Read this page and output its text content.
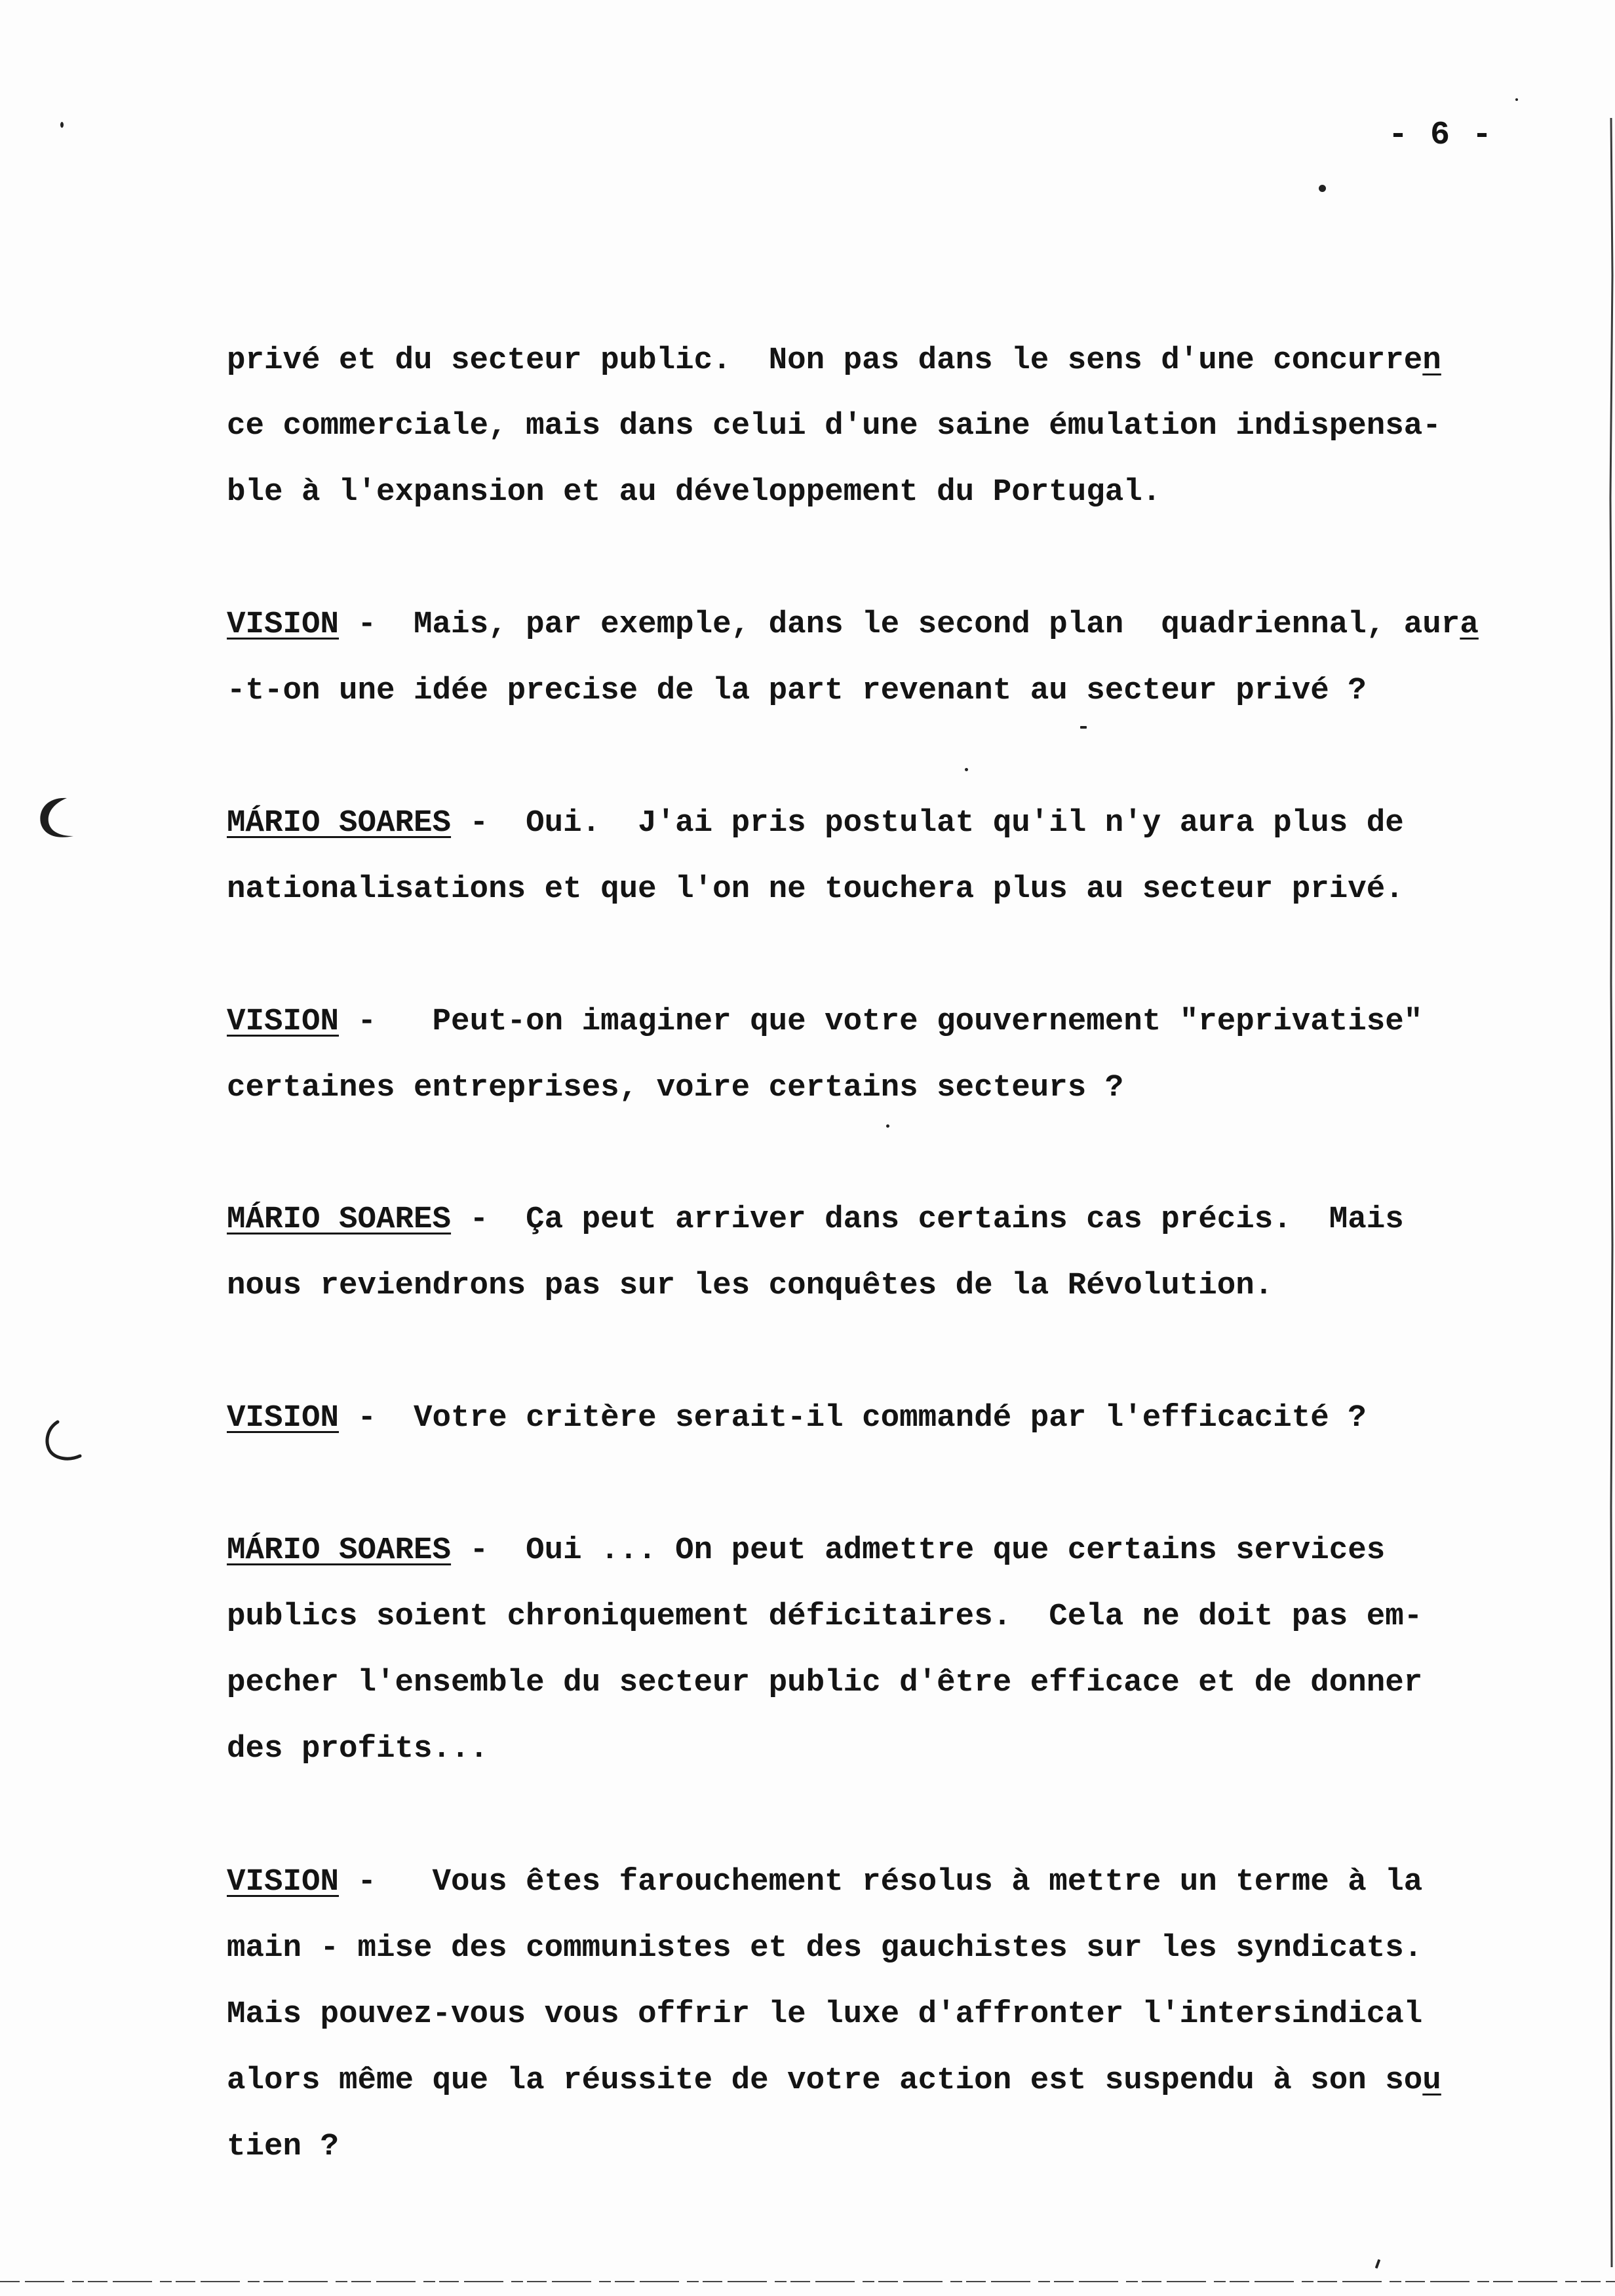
- 6 -
privé et du secteur public.  Non pas dans le sens d'une concurren
ce commerciale, mais dans celui d'une saine émulation indispensa-
ble à l'expansion et au développement du Portugal.
VISION -  Mais, par exemple, dans le second plan  quadriennal, aura
-t-on une idée precise de la part revenant au secteur privé ?
MÁRIO SOARES -  Oui.  J'ai pris postulat qu'il n'y aura plus de
nationalisations et que l'on ne touchera plus au secteur privé.
VISION -   Peut-on imaginer que votre gouvernement "reprivatise"
certaines entreprises, voire certains secteurs ?
MÁRIO SOARES -  Ça peut arriver dans certains cas précis.  Mais
nous reviendrons pas sur les conquêtes de la Révolution.
VISION -  Votre critère serait-il commandé par l'efficacité ?
MÁRIO SOARES -  Oui ... On peut admettre que certains services
publics soient chroniquement déficitaires.  Cela ne doit pas em-
pecher l'ensemble du secteur public d'être efficace et de donner
des profits...
VISION -   Vous êtes farouchement résolus à mettre un terme à la
main - mise des communistes et des gauchistes sur les syndicats.
Mais pouvez-vous vous offrir le luxe d'affronter l'intersindical
alors même que la réussite de votre action est suspendu à son sou
tien ?
